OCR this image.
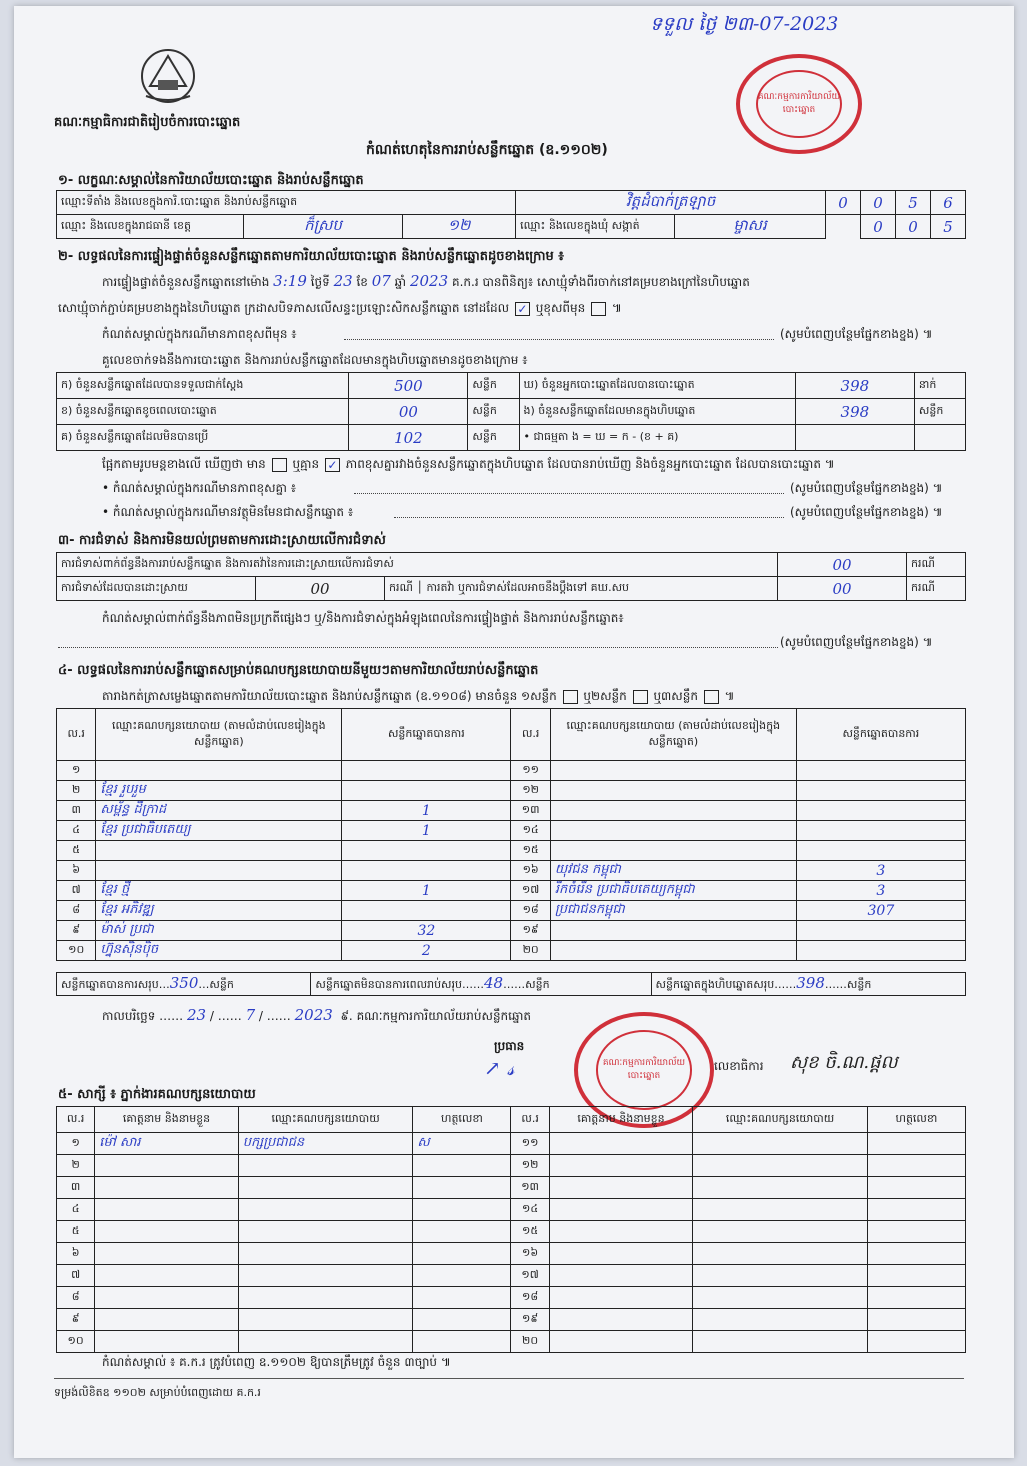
គណៈកម្មាធិការជាតិរៀបចំការបោះឆ្នោត
ទទួល ថ្ងៃ ២៣-07-2023
គណៈកម្មការការិយាល័យបោះឆ្នោត
កំណត់ហេតុនៃការរាប់សន្លឹកឆ្នោត (ឧ.១១០២)
១- លក្ខណៈសម្គាល់នៃការិយាល័យបោះឆ្នោត និងរាប់សន្លឹកឆ្នោត
ឈ្មោះទីតាំង និងលេខក្នុងការិ.បោះឆ្នោត និងរាប់សន្លឹកឆ្នោត			វិត្តដំបាក់ត្រឡាច		0	0	5	6
ឈ្មោះ និងលេខក្នុងរាជធានី ខេត្ត	ក៏ស្រប	១២	ឈ្មោះ និងលេខក្នុងឃុំ សង្កាត់	ម្ចាសរ		0	0	5
២- លទ្ធផលនៃការផ្ទៀងផ្ទាត់ចំនួនសន្លឹកឆ្នោតតាមការិយាល័យបោះឆ្នោត និងរាប់សន្លឹកឆ្នោតដូចខាងក្រោម ៖
ការផ្ទៀងផ្ទាត់ចំនួនសន្លឹកឆ្នោតនៅម៉ោង 3:19 ថ្ងៃទី 23 ខែ 07 ឆ្នាំ 2023 គ.ក.រ បានពិនិត្យ៖ សោឃ្មុំទាំងពីរចាក់នៅគម្របខាងក្រៅនៃហិបឆ្នោត
សោឃ្មុំចាក់ភ្ជាប់គម្របខាងក្នុងនៃហិបឆ្នោត ក្រដាសបិទភាសលើសន្ទះប្រឡោះសិកសន្លឹកឆ្នោត នៅដដែល ✓ ឬខុសពីមុន  ៕
កំណត់សម្គាល់ក្នុងករណីមានភាពខុសពីមុន ៖	(សូមបំពេញបន្ថែមផ្នែកខាងខ្នង) ៕
គួលេខចាក់ទងនឹងការបោះឆ្នោត និងការរាប់សន្លឹកឆ្នោតដែលមានក្នុងហិបឆ្នោតមានដូចខាងក្រោម ៖
ក) ចំនួនសន្លឹកឆ្នោតដែលបានទទួលជាក់ស្តែង	500	សន្លឹក	ឃ) ចំនួនអ្នកបោះឆ្នោតដែលបានបោះឆ្នោត	398	នាក់
ខ) ចំនួនសន្លឹកឆ្នោតខូចពេលបោះឆ្នោត	00	សន្លឹក	ង) ចំនួនសន្លឹកឆ្នោតដែលមានក្នុងហិបឆ្នោត	398	សន្លឹក
គ) ចំនួនសន្លឹកឆ្នោតដែលមិនបានប្រើ	102	សន្លឹក	• ជាធម្មតា ង = ឃ = ក - (ខ + គ)		
ផ្អែកតាមរូបមន្តខាងលើ ឃើញថា មាន ឬគ្មាន ✓ ភាពខុសគ្នារវាងចំនួនសន្លឹកឆ្នោតក្នុងហិបឆ្នោត ដែលបានរាប់ឃើញ និងចំនួនអ្នកបោះឆ្នោត ដែលបានបោះឆ្នោត ៕
• កំណត់សម្គាល់ក្នុងករណីមានភាពខុសគ្នា ៖	(សូមបំពេញបន្ថែមផ្នែកខាងខ្នង) ៕
• កំណត់សម្គាល់ក្នុងករណីមានវត្ថុមិនមែនជាសន្លឹកឆ្នោត ៖	(សូមបំពេញបន្ថែមផ្នែកខាងខ្នង) ៕
៣- ការជំទាស់ និងការមិនយល់ព្រមតាមការដោះស្រាយលើការជំទាស់
ការជំទាស់ពាក់ព័ន្ធនឹងការរាប់សន្លឹកឆ្នោត និងការតវ៉ានៃការដោះស្រាយលើការជំទាស់			00	ករណី
ការជំទាស់ដែលបានដោះស្រាយ	00	ករណី │ ការតវ៉ា ឬការជំទាស់ដែលអាចនឹងប្តឹងទៅ គឃ.សប	00	ករណី
កំណត់សម្គាល់ពាក់ព័ន្ធនឹងភាពមិនប្រក្រតីផ្សេងៗ ឬ/និងការជំទាស់ក្នុងអំឡុងពេលនៃការផ្ទៀងផ្ទាត់ និងការរាប់សន្លឹកឆ្នោត៖
(សូមបំពេញបន្ថែមផ្នែកខាងខ្នង) ៕
៤- លទ្ធផលនៃការរាប់សន្លឹកឆ្នោតសម្រាប់គណបក្សនយោបាយនីមួយៗតាមការិយាល័យរាប់សន្លឹកឆ្នោត
តារាងកត់ត្រាសម្លេងឆ្នោតតាមការិយាល័យបោះឆ្នោត និងរាប់សន្លឹកឆ្នោត (ឧ.១១០៨) មានចំនួន ១សន្លឹក ឬ២សន្លឹក ឬ៣សន្លឹក  ៕
ល.រ	ឈ្មោះគណបក្សនយោបាយ (តាមលំដាប់លេខរៀងក្នុងសន្លឹកឆ្នោត)	សន្លឹកឆ្នោតបានការ	ល.រ	ឈ្មោះគណបក្សនយោបាយ (តាមលំដាប់លេខរៀងក្នុងសន្លឹកឆ្នោត)	សន្លឹកឆ្នោតបានការ
១			១១		
២	ខ្មែរ រួបរួម		១២		
៣	សម្ព័ន្ធ ដឹក្រាដ	1	១៣		
៤	ខ្មែរ ប្រជាធិបតេយ្យ	1	១៤		
៥			១៥		
៦			១៦	យុវជន កម្ពុជា	3
៧	ខ្មែរ ថ្មី	1	១៧	រីកចំរើន ប្រជាធិបតេយ្យកម្ពុជា	3
៨	ខ្មែរ អភិវឌ្ឍ		១៨	ប្រជាជនកម្ពុជា	307
៩	ម៉ាស់ ប្រជា	32	១៩		
១០	ហ្វ៊ុនស៊ិនប៉ិច	2	២០		
សន្លឹកឆ្នោតបានការសរុប…350…សន្លឹក	សន្លឹកឆ្នោតមិនបានការពេលរាប់សរុប……48……សន្លឹក	សន្លឹកឆ្នោតក្នុងហិបឆ្នោតសរុប……398……សន្លឹក
កាលបរិច្ឆេទ …… 23 / …… 7 / …… 2023 ៩. គណៈកម្មការការិយាល័យរាប់សន្លឹកឆ្នោត
ប្រធាន
↗ 𝓈	គណៈកម្មការការិយាល័យបោះឆ្នោត
លេខាធិការ សុខ ចិ.ណ.ផ្តល
៥- សាក្សី ៖ ភ្នាក់ងារគណបក្សនយោបាយ
ល.រ	គោត្តនាម និងនាមខ្លួន	ឈ្មោះគណបក្សនយោបាយ	ហត្ថលេខា	ល.រ	គោត្តនាម និងនាមខ្លួន	ឈ្មោះគណបក្សនយោបាយ	ហត្ថលេខា
១	ម៉ៅ សារ	បក្សប្រជាជន	ស	១១			
២				១២			
៣				១៣			
៤				១៤			
៥				១៥			
៦				១៦			
៧				១៧			
៨				១៨			
៩				១៩			
១០				២០			
កំណត់សម្គាល់ ៖ គ.ក.រ ត្រូវបំពេញ ឧ.១១០២ ឱ្យបានត្រឹមត្រូវ ចំនួន ៣ច្បាប់ ៕
ទម្រង់លិខិតឧ ១១០២ សម្រាប់បំពេញដោយ គ.ក.រ
